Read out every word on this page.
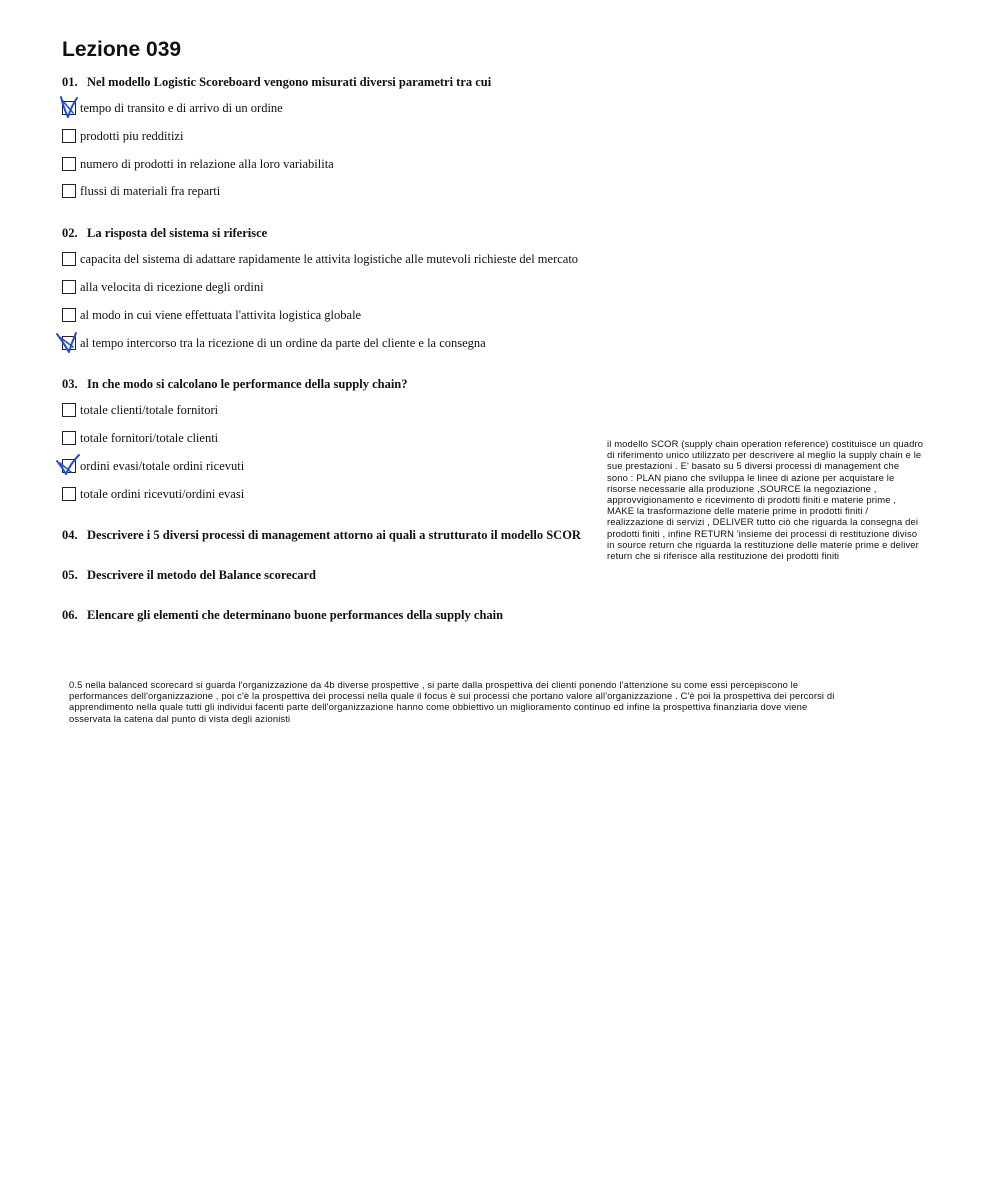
Lezione 039
01. Nel modello Logistic Scoreboard vengono misurati diversi parametri tra cui
tempo di transito e di arrivo di un ordine
prodotti piu redditizi
numero di prodotti in relazione alla loro variabilita
flussi di materiali fra reparti
02. La risposta del sistema si riferisce
capacita del sistema di adattare rapidamente le attivita logistiche alle mutevoli richieste del mercato
alla velocita di ricezione degli ordini
al modo in cui viene effettuata l'attivita logistica globale
al tempo intercorso tra la ricezione di un ordine da parte del cliente e la consegna
03. In che modo si calcolano le performance della supply chain?
totale clienti/totale fornitori
totale fornitori/totale clienti
ordini evasi/totale ordini ricevuti
totale ordini ricevuti/ordini evasi
04. Descrivere i 5 diversi processi di management attorno ai quali a strutturato il modello SCOR
05. Descrivere il metodo del Balance scorecard
06. Elencare gli elementi che determinano buone performances della supply chain
il modello SCOR (supply chain operation reference) costituisce un quadro
di riferimento unico utilizzato per descrivere al meglio la supply chain e le
sue prestazioni . E' basato su 5 diversi processi di management che
sono : PLAN piano che sviluppa le linee di azione per acquistare le
risorse necessarie alla produzione ,SOURCE la negoziazione ,
approvvigionamento e ricevimento di prodotti finiti e materie prime ,
MAKE la trasformazione delle materie prime in prodotti finiti /
realizzazione di servizi , DELIVER tutto ciò che riguarda la consegna dei
prodotti finiti , infine RETURN 'insieme dei processi di restituzione diviso
in source return che riguarda la restituzione delle materie prime e deliver
return che si riferisce alla restituzione dei prodotti finiti
0.5 nella balanced scorecard si guarda l'organizzazione da 4b diverse prospettive , si parte dalla prospettiva dei clienti ponendo l'attenzione su come essi percepiscono le
performances dell'organizzazione , poi c'è la prospettiva dei processi nella quale il focus è sui processi che portano valore all'organizzazione . C'è poi la prospettiva dei percorsi di
apprendimento nella quale tutti gli individui facenti parte dell'organizzazione hanno come obbiettivo un miglioramento continuo ed infine la prospettiva finanziaria dove viene
osservata la catena dal punto di vista degli azionisti
